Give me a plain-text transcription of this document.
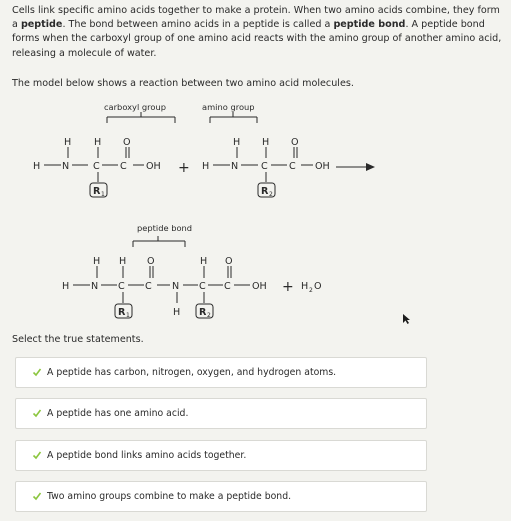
Cells link specific amino acids together to make a protein. When two amino acids combine, they form a peptide. The bond between amino acids in a peptide is called a peptide bond. A peptide bond forms when the carboxyl group of one amino acid reacts with the amino group of another amino acid, releasing a molecule of water.
The model below shows a reaction between two amino acid molecules.
carboxyl group	amino group
H H O
H N C C OH
R 1
+
H H O
H N C C OH
R 2
peptide bond
H H O	H O
H N C C N C C OH
H
R 1	R 2
+ H 2 O
Select the true statements.
A peptide has carbon, nitrogen, oxygen, and hydrogen atoms.
A peptide has one amino acid.
A peptide bond links amino acids together.
Two amino groups combine to make a peptide bond.
